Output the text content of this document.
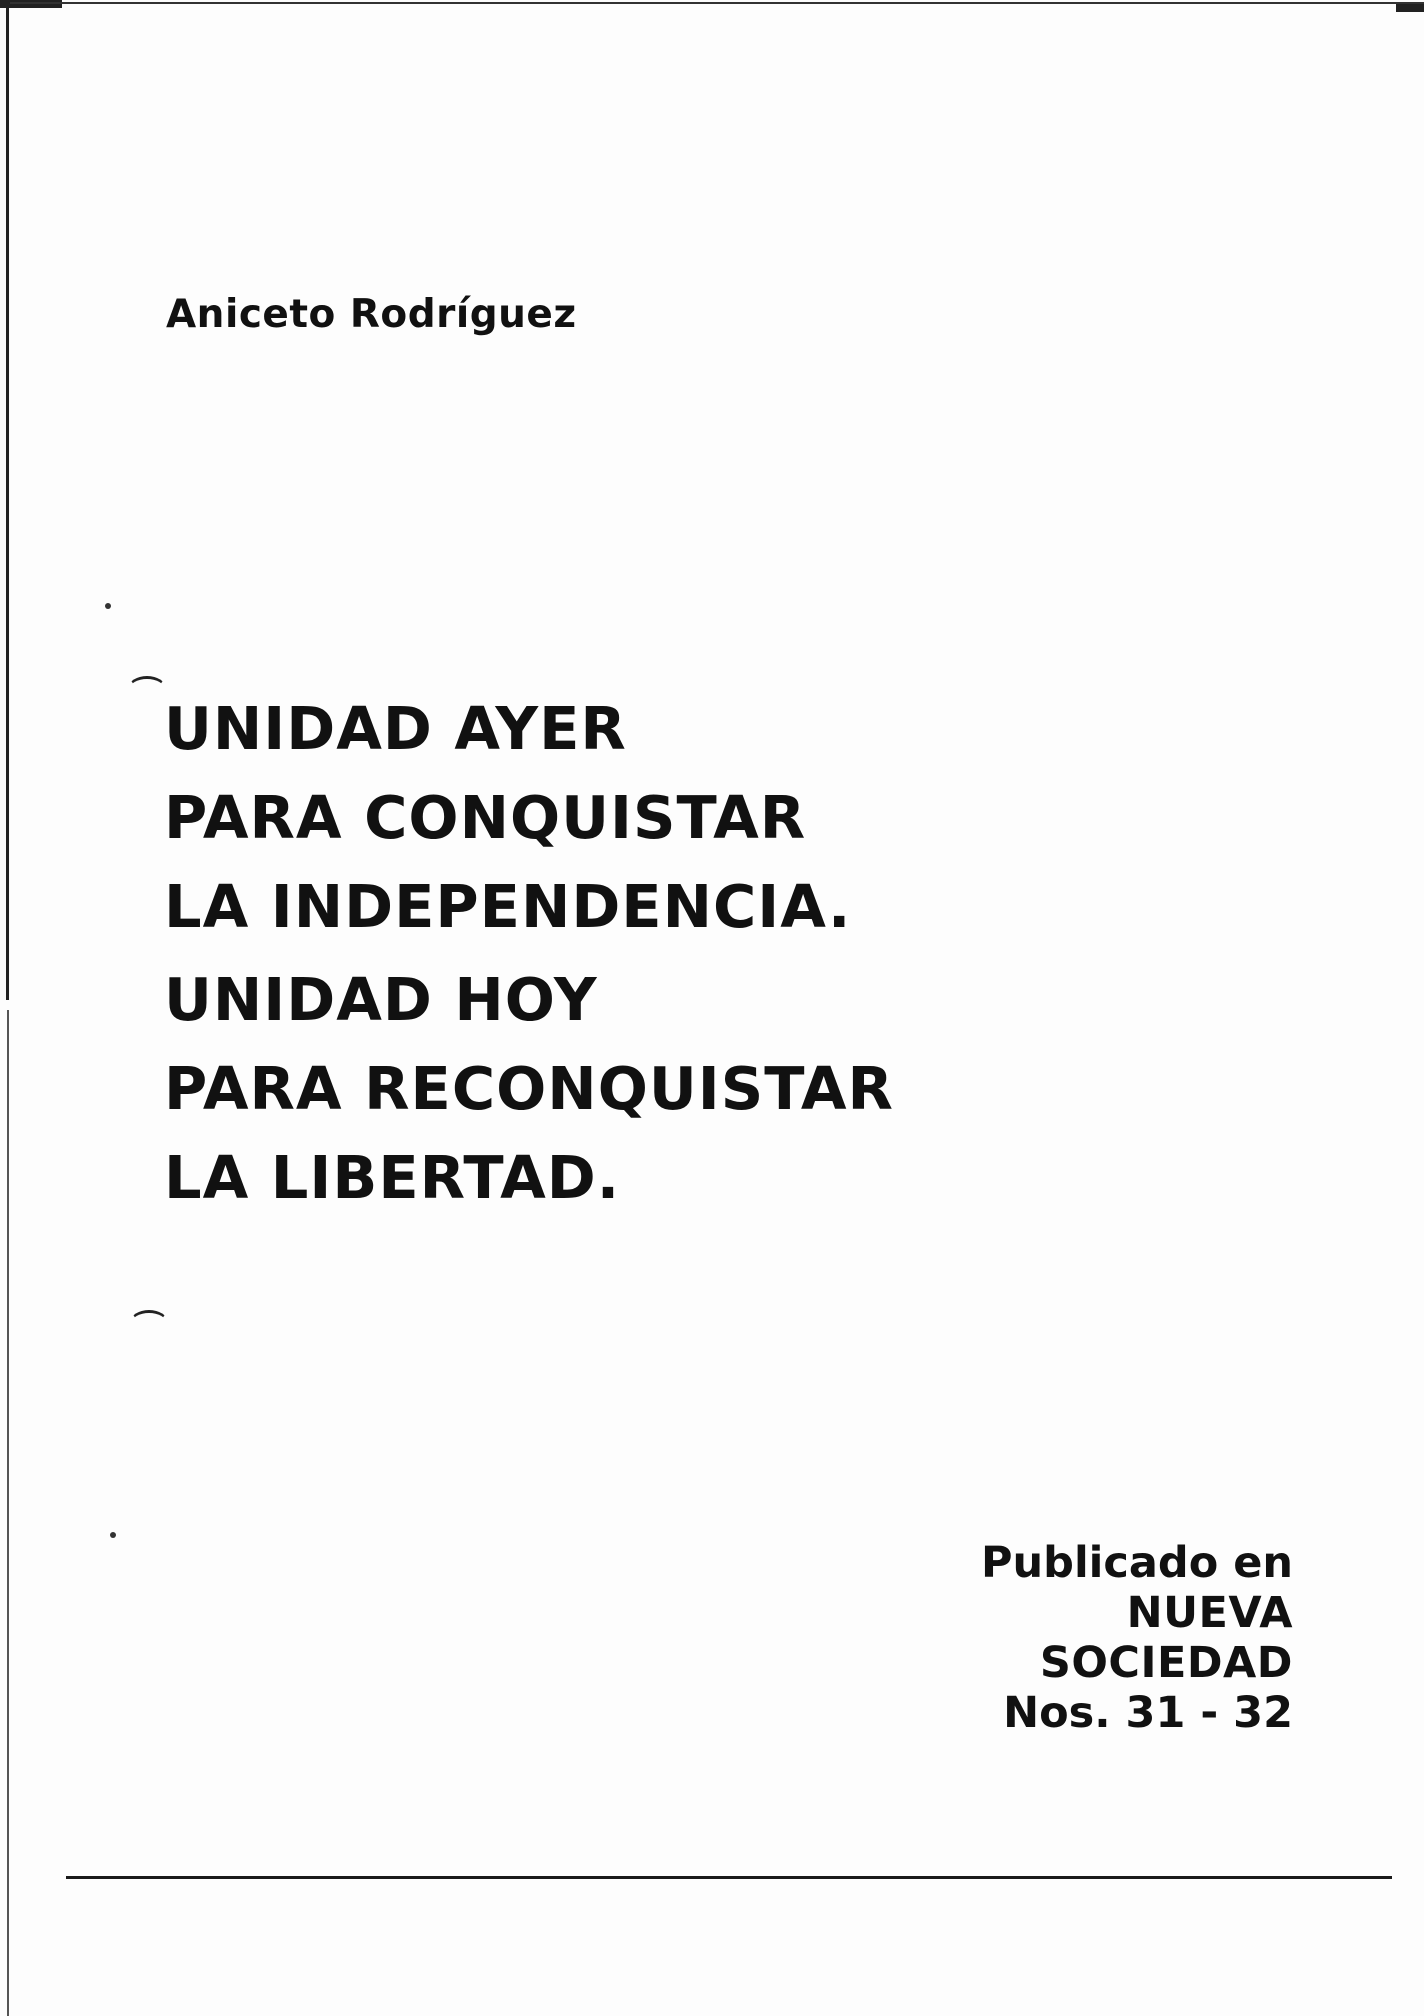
Aniceto Rodríguez
UNIDAD AYER
PARA CONQUISTAR
LA INDEPENDENCIA.
UNIDAD HOY
PARA RECONQUISTAR
LA LIBERTAD.
Publicado en
NUEVA
SOCIEDAD
Nos. 31 - 32
